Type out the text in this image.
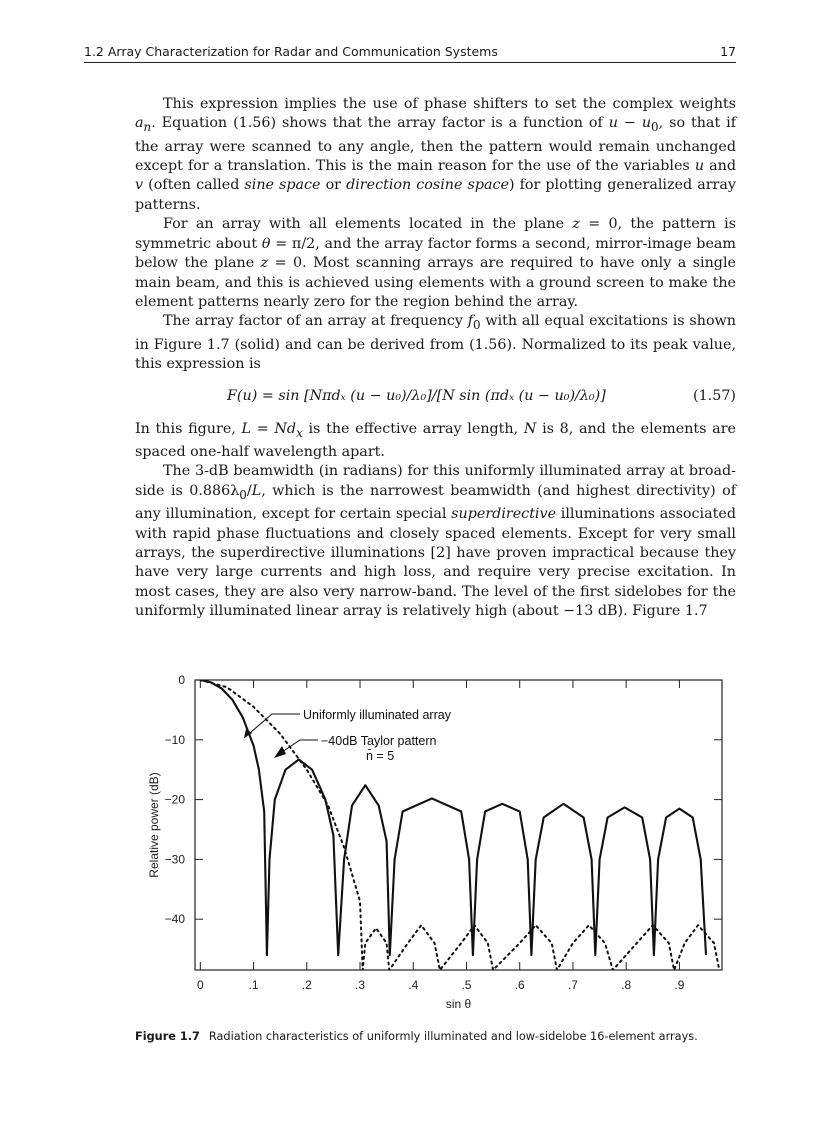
1.2 Array Characterization for Radar and Communication Systems	17

This expression implies the use of phase shifters to set the complex weights $a_n$. Equation (1.56) shows that the array factor is a function of $u - u_0$, so that if the array were scanned to any angle, then the pattern would remain unchanged except for a translation. This is the main reason for the use of the variables u and v (often called sine space or direction cosine space) for plotting generalized array patterns.

For an array with all elements located in the plane z = 0, the pattern is symmetric about θ = π/2, and the array factor forms a second, mirror-image beam below the plane z = 0. Most scanning arrays are required to have only a single main beam, and this is achieved using elements with a ground screen to make the element patterns nearly zero for the region behind the array.

The array factor of an array at frequency $f_0$ with all equal excitations is shown in Figure 1.7 (solid) and can be derived from (1.56). Normalized to its peak value, this expression is

F(u) = sin [Nπdₓ (u − u₀)/λ₀]/[N sin (πdₓ (u − u₀)/λ₀)]	(1.57)

In this figure, $L = Nd_x$ is the effective array length, N is 8, and the elements are spaced one-half wavelength apart.

The 3-dB beamwidth (in radians) for this uniformly illuminated array at broad-side is $0.886\lambda_0/L$, which is the narrowest beamwidth (and highest directivity) of any illumination, except for certain special superdirective illuminations associated with rapid phase fluctuations and closely spaced elements. Except for very small arrays, the superdirective illuminations [2] have proven impractical because they have very large currents and high loss, and require very precise excitation. In most cases, they are also very narrow-band. The level of the first sidelobes for the uniformly illuminated linear array is relatively high (about −13 dB). Figure 1.7

0
−10
−20
−30
−40
0	.1	.2	.3	.4	.5	.6	.7	.8	.9
sin θ
Relative power (dB)
Uniformly illuminated array
−40dB Taylor pattern
n̄ = 5
Figure 1.7 Radiation characteristics of uniformly illuminated and low-sidelobe 16-element arrays.
